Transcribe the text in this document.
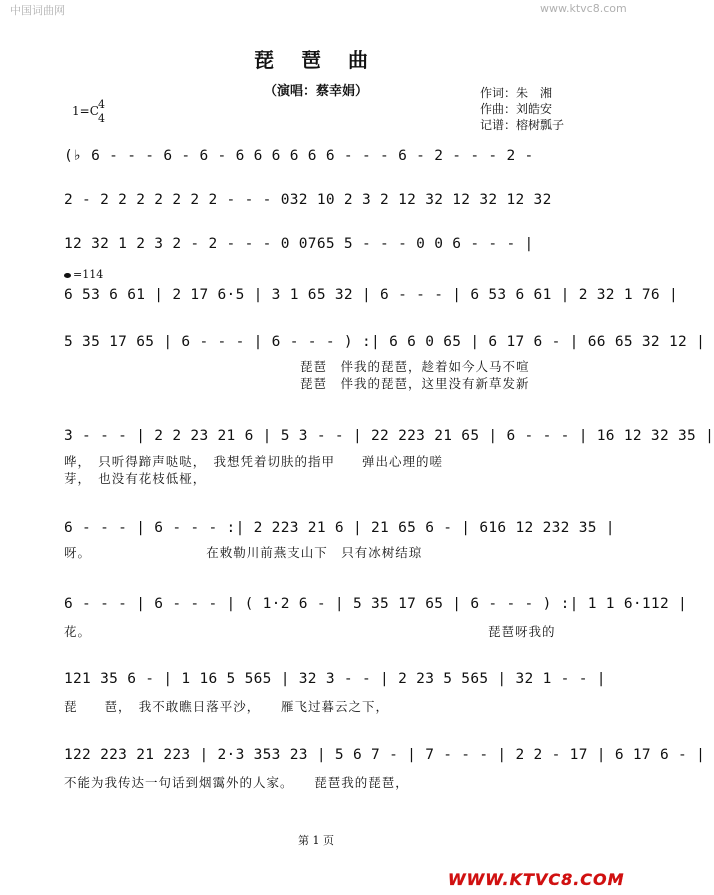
中国词曲网	www.ktvc8.com
琵 琶 曲
（演唱：蔡幸娟）	作词：朱　湘
作曲：刘皓安
记谱：榕树瓢子
1=C 4
4
(♭ 6 - - - 6 - 6 - 6 6 6 6 6 6 - - - 6 - 2 - - - 2 -
2 - 2 2 2 2 2 2 2 - - - 032 10 2 3 2 12 32 12 32 12 32
12 32 1 2 3 2 - 2 - - - 0 0765 5 - - - 0 0 6 - - - |
=114
6 53 6 61 | 2 17 6·5 | 3 1 65 32 | 6 - - - | 6 53 6 61 | 2 32 1 76 |
5 35 17 65 | 6 - - - | 6 - - - ) :| 6 6 0 65 | 6 17 6 - | 66 65 32 12 |
琵琶　伴我的琵琶，趁着如今人马不喧
琵琶　伴我的琵琶，这里没有新草发新
3 - - - | 2 2 23 21 6 | 5 3 - - | 22 223 21 65 | 6 - - - | 16 12 32 35 |
哗，　只听得蹄声哒哒，　我想凭着切肤的指甲　　弹出心理的嗟
芽，　也没有花枝低桠，
6 - - - | 6 - - - :| 2 223 21 6 | 21 65 6 - | 616 12 232 35 |
呀。　　　　　　　　　在敕勒川前燕支山下　只有冰树结琼
6 - - - | 6 - - - | ( 1·2 6 - | 5 35 17 65 | 6 - - - ) :| 1 1 6·112 |
花。	琵琶呀我的
121 35 6 - | 1 16 5 565 | 32 3 - - | 2 23 5 565 | 32 1 - - |
琵　　琶，　我不敢瞧日落平沙，　　雁飞过暮云之下，
122 223 21 223 | 2·3 353 23 | 5 6 7 - | 7 - - - | 2 2 - 17 | 6 17 6 - |
不能为我传达一句话到烟霭外的人家。　　琵琶我的琵琶，
第 1 页
WWW.KTVC8.COM
